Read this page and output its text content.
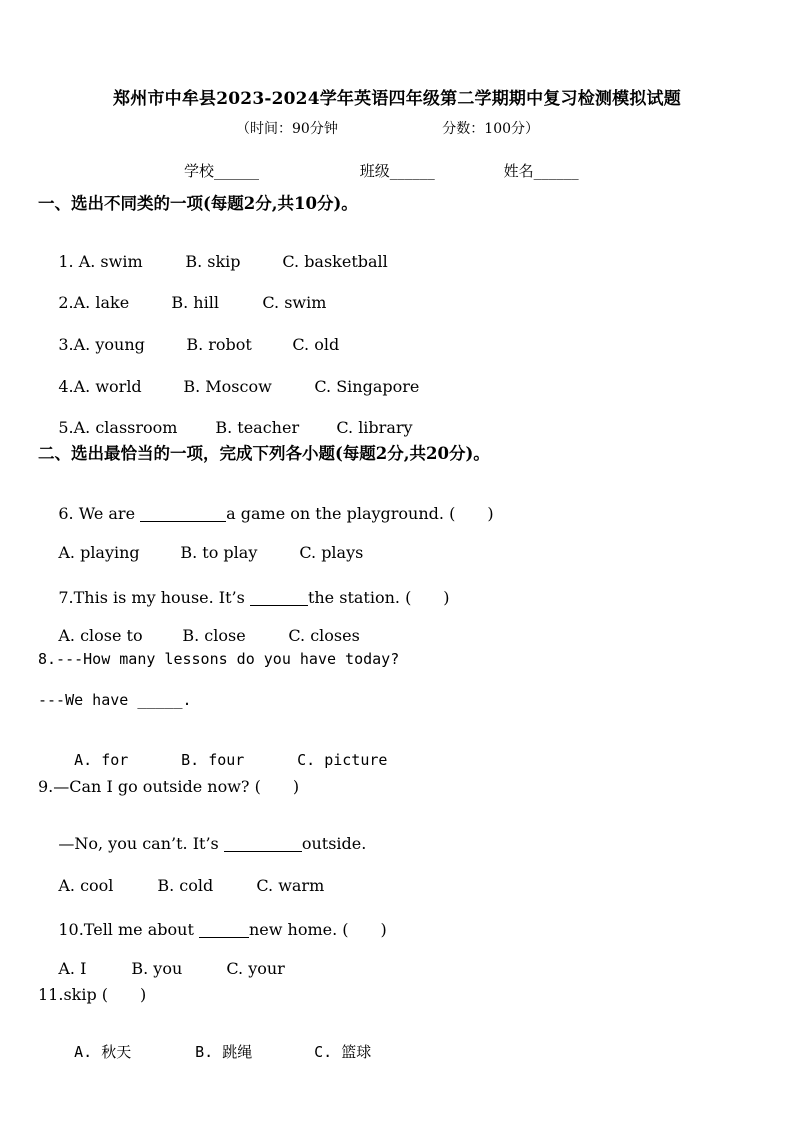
郑州市中牟县2023-2024学年英语四年级第二学期期中复习检测模拟试题
（时间：90分钟	分数：100分）
学校______	班级______	姓名______
一、选出不同类的一项(每题2分,共10分)。

1. A. swim	B. skip	C. basketball

2.A. lake	B. hill	C. swim

3.A. young	B. robot	C. old

4.A. world	B. Moscow	C. Singapore

5.A. classroom B. teacher C. library

二、选出最恰当的一项，完成下列各小题(每题2分,共20分)。

6. We are	a game on the playground. (　　)

A. playing	B. to play	C. plays

7.This is my house. It’s	the station. (　　)

A. close to B. close	C. closes

8.---How many lessons do you have today?
---We have _____.

A. for	B. four	C. picture

9.—Can I go outside now? (　　)

—No, you can’t. It’s	outside.

A. cool	B. cold	C. warm

10.Tell me about	new home. (　　)

A. I	B. you	C. your

11.skip (　　)

A. 秋天	B. 跳绳	C. 篮球
